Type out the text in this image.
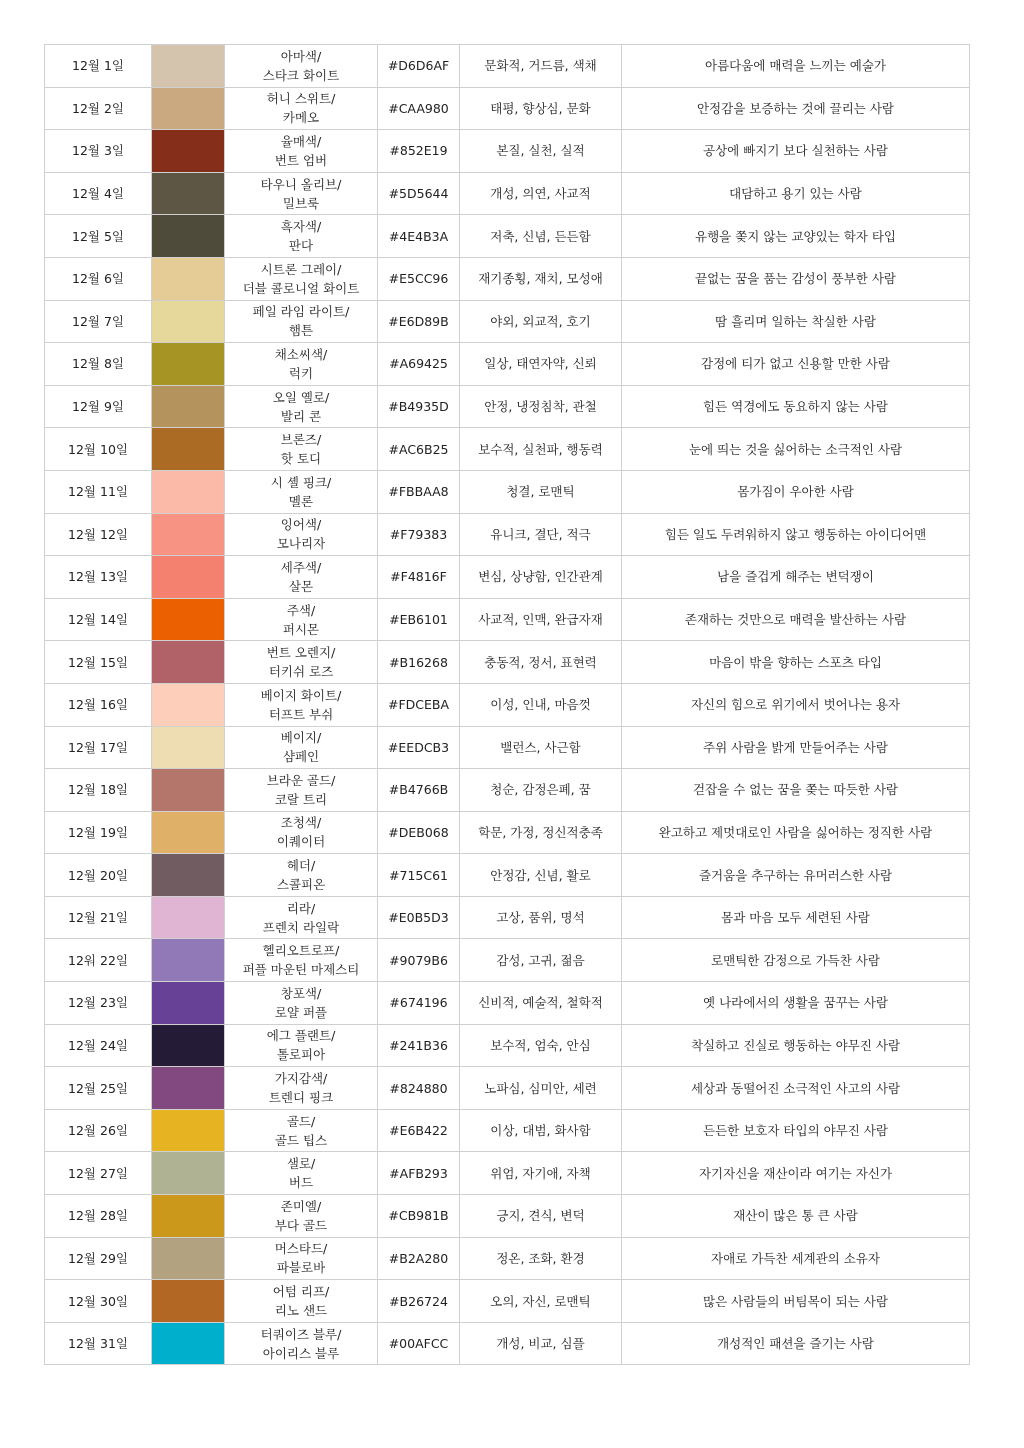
12월 1일		아마색/
스타크 화이트	#D6D6AF	문화적, 거드름, 색채	아름다움에 매력을 느끼는 예술가
12월 2일		허니 스위트/
카메오	#CAA980	태평, 향상심, 문화	안정감을 보증하는 것에 끌리는 사람
12월 3일		율매색/
번트 엄버	#852E19	본질, 실천, 실적	공상에 빠지기 보다 실천하는 사람
12월 4일		타우니 올리브/
밀브룩	#5D5644	개성, 의연, 사교적	대담하고 용기 있는 사람
12월 5일		흑자색/
판다	#4E4B3A	저축, 신념, 든든함	유행을 쫒지 않는 교양있는 학자 타입
12월 6일		시트론 그레이/
더블 콜로니얼 화이트	#E5CC96	재기종횡, 재치, 모성애	끝없는 꿈을 품는 감성이 풍부한 사람
12월 7일		페일 라임 라이트/
햄튼	#E6D89B	야외, 외교적, 호기	땀 흘리며 일하는 착실한 사람
12월 8일		채소씨색/
럭키	#A69425	일상, 태연자약, 신뢰	감정에 티가 없고 신용할 만한 사람
12월 9일		오일 옐로/
발리 콘	#B4935D	안정, 냉정침착, 관철	힘든 역경에도 동요하지 않는 사람
12월 10일		브론즈/
핫 토디	#AC6B25	보수적, 실천파, 행동력	눈에 띄는 것을 싫어하는 소극적인 사람
12월 11일		시 셸 핑크/
멜론	#FBBAA8	청결, 로맨틱	몸가짐이 우아한 사람
12월 12일		잉어색/
모나리자	#F79383	유니크, 결단, 적극	힘든 일도 두려워하지 않고 행동하는 아이디어맨
12월 13일		세주색/
살몬	#F4816F	변심, 상냥함, 인간관계	남을 즐겁게 해주는 변덕쟁이
12월 14일		주색/
퍼시몬	#EB6101	사교적, 인맥, 완급자재	존재하는 것만으로 매력을 발산하는 사람
12월 15일		번트 오렌지/
터키쉬 로즈	#B16268	충동적, 정서, 표현력	마음이 밖을 향하는 스포츠 타입
12월 16일		베이지 화이트/
터프트 부쉬	#FDCEBA	이성, 인내, 마음껏	자신의 힘으로 위기에서 벗어나는 용자
12월 17일		베이지/
샴페인	#EEDCB3	밸런스, 사근함	주위 사람을 밝게 만들어주는 사람
12월 18일		브라운 골드/
코랄 트리	#B4766B	청순, 감정은폐, 꿈	걷잡을 수 없는 꿈을 쫒는 따듯한 사람
12월 19일		조청색/
이퀘이터	#DEB068	학문, 가정, 정신적충족	완고하고 제멋대로인 사람을 싫어하는 정직한 사람
12월 20일		헤더/
스콜피온	#715C61	안정감, 신념, 활로	즐거움을 추구하는 유머러스한 사람
12월 21일		리라/
프렌치 라일락	#E0B5D3	고상, 품위, 명석	몸과 마음 모두 세련된 사람
12워 22일		헬리오트로프/
퍼플 마운틴 마제스티	#9079B6	감성, 고귀, 젊음	로맨틱한 감정으로 가득찬 사람
12월 23일		창포색/
로얄 퍼플	#674196	신비적, 예술적, 철학적	옛 나라에서의 생활을 꿈꾸는 사람
12월 24일		에그 플랜트/
톨로피아	#241B36	보수적, 엄숙, 안심	착실하고 진실로 행동하는 야무진 사람
12월 25일		가지감색/
트렌디 핑크	#824880	노파심, 심미안, 세련	세상과 동떨어진 소극적인 사고의 사람
12월 26일		골드/
골드 팁스	#E6B422	이상, 대범, 화사함	든든한 보호자 타입의 야무진 사람
12월 27일		샐로/
버드	#AFB293	위엄, 자기애, 자책	자기자신을 재산이라 여기는 자신가
12월 28일		존미엘/
부다 골드	#CB981B	긍지, 견식, 변덕	재산이 많은 통 큰 사람
12월 29일		머스타드/
파블로바	#B2A280	정온, 조화, 환경	자애로 가득찬 세계관의 소유자
12월 30일		어텀 리프/
리노 샌드	#B26724	오의, 자신, 로맨틱	많은 사람들의 버팀목이 되는 사람
12월 31일		터쿼이즈 블루/
아이리스 블루	#00AFCC	개성, 비교, 심플	개성적인 패션을 즐기는 사람
